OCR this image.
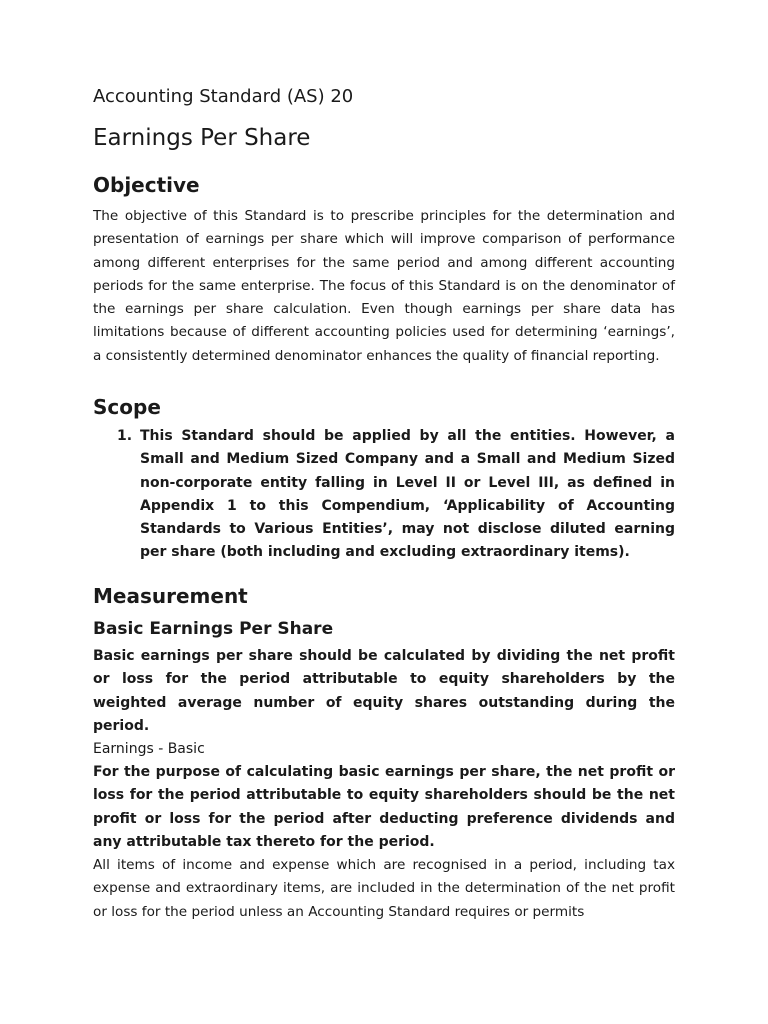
Accounting Standard (AS) 20
Earnings Per Share
Objective
The objective of this Standard is to prescribe principles for the determination and presentation of earnings per share which will improve comparison of performance among different enterprises for the same period and among different accounting periods for the same enterprise. The focus of this Standard is on the denominator of the earnings per share calculation. Even though earnings per share data has limitations because of different accounting policies used for determining ‘earnings’, a consistently determined denominator enhances the quality of financial reporting.
Scope
1. This Standard should be applied by all the entities. However, a Small and Medium Sized Company and a Small and Medium Sized non-corporate entity falling in Level II or Level III, as defined in Appendix 1 to this Compendium, ‘Applicability of Accounting Standards to Various Entities’, may not disclose diluted earning per share (both including and excluding extraordinary items).
Measurement
Basic Earnings Per Share
Basic earnings per share should be calculated by dividing the net profit or loss for the period attributable to equity shareholders by the weighted average number of equity shares outstanding during the period.
Earnings - Basic
For the purpose of calculating basic earnings per share, the net profit or loss for the period attributable to equity shareholders should be the net profit or loss for the period after deducting preference dividends and any attributable tax thereto for the period.
All items of income and expense which are recognised in a period, including tax expense and extraordinary items, are included in the determination of the net profit or loss for the period unless an Accounting Standard requires or permits
